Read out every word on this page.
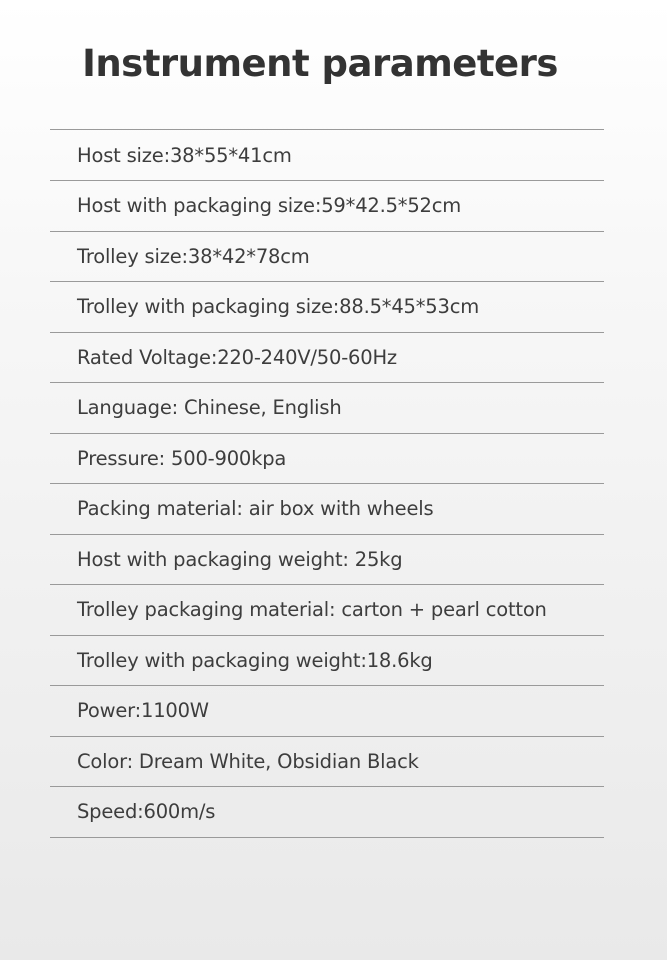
Instrument parameters
Host size:38*55*41cm
Host with packaging size:59*42.5*52cm
Trolley size:38*42*78cm
Trolley with packaging size:88.5*45*53cm
Rated Voltage:220-240V/50-60Hz
Language: Chinese, English
Pressure: 500-900kpa
Packing material: air box with wheels
Host with packaging weight: 25kg
Trolley packaging material: carton + pearl cotton
Trolley with packaging weight:18.6kg
Power:1100W
Color: Dream White, Obsidian Black
Speed:600m/s
